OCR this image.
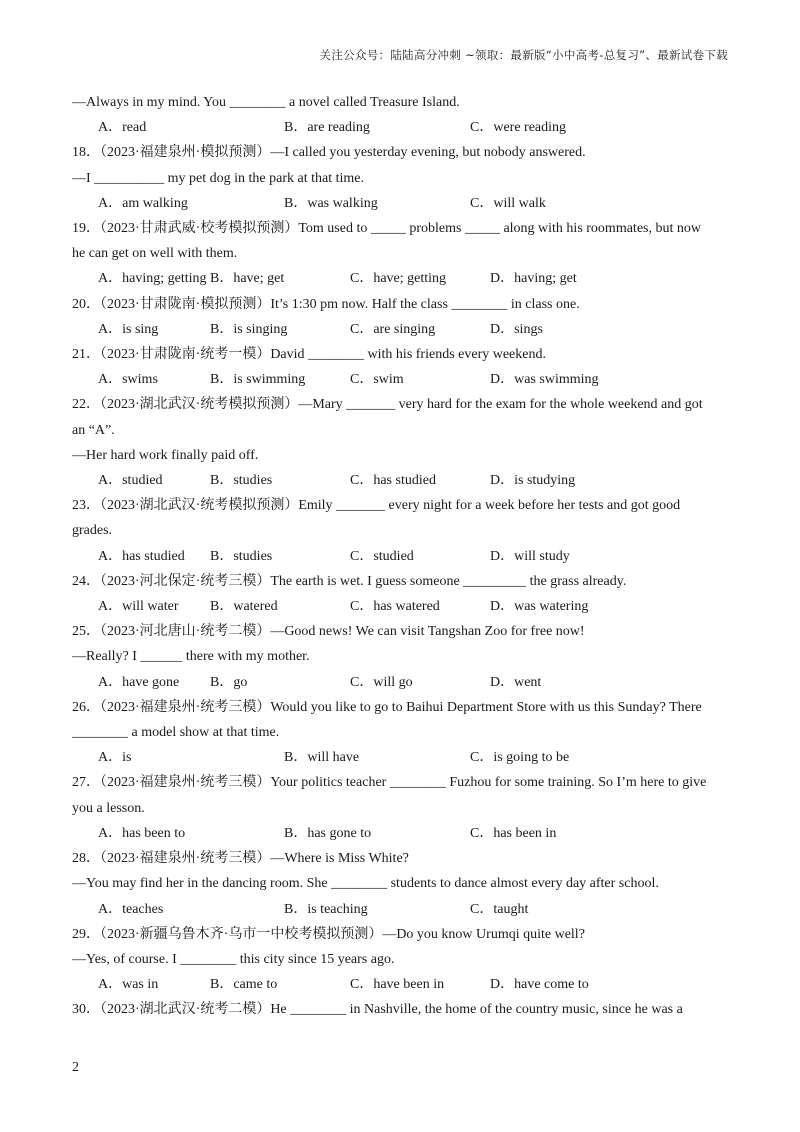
关注公众号：陆陆高分冲刺 ~领取：最新版“小中高考-总复习”、最新试卷下载
—Always in my mind. You ________ a novel called Treasure Island.
A．read	B．are reading	C．were reading
18．（2023·福建泉州·模拟预测）—I called you yesterday evening, but nobody answered.
—I __________ my pet dog in the park at that time.
A．am walking	B．was walking	C．will walk
19．（2023·甘肃武威·校考模拟预测）Tom used to _____ problems _____ along with his roommates, but now
he can get on well with them.
A．having; getting B．have; get	C．have; getting	D．having; get
20．（2023·甘肃陇南·模拟预测）It’s 1:30 pm now. Half the class ________ in class one.
A．is sing	B．is singing	C．are singing	D．sings
21．（2023·甘肃陇南·统考一模）David ________ with his friends every weekend.
A．swims	B．is swimming	C．swim	D．was swimming
22．（2023·湖北武汉·统考模拟预测）—Mary _______ very hard for the exam for the whole weekend and got
an “A”.
—Her hard work finally paid off.
A．studied	B．studies	C．has studied	D．is studying
23．（2023·湖北武汉·统考模拟预测）Emily _______ every night for a week before her tests and got good
grades.
A．has studied	B．studies	C．studied	D．will study
24．（2023·河北保定·统考三模）The earth is wet. I guess someone _________ the grass already.
A．will water	B．watered	C．has watered	D．was watering
25．（2023·河北唐山·统考二模）—Good news! We can visit Tangshan Zoo for free now!
—Really? I ______ there with my mother.
A．have gone	B．go	C．will go	D．went
26．（2023·福建泉州·统考三模）Would you like to go to Baihui Department Store with us this Sunday? There
________ a model show at that time.
A．is	B．will have	C．is going to be
27．（2023·福建泉州·统考三模）Your politics teacher ________ Fuzhou for some training. So I’m here to give
you a lesson.
A．has been to	B．has gone to	C．has been in
28．（2023·福建泉州·统考三模）—Where is Miss White?
—You may find her in the dancing room. She ________ students to dance almost every day after school.
A．teaches	B．is teaching	C．taught
29．（2023·新疆乌鲁木齐·乌市一中校考模拟预测）—Do you know Urumqi quite well?
—Yes, of course. I ________ this city since 15 years ago.
A．was in	B．came to	C．have been in	D．have come to
30．（2023·湖北武汉·统考二模）He ________ in Nashville, the home of the country music, since he was a
2
